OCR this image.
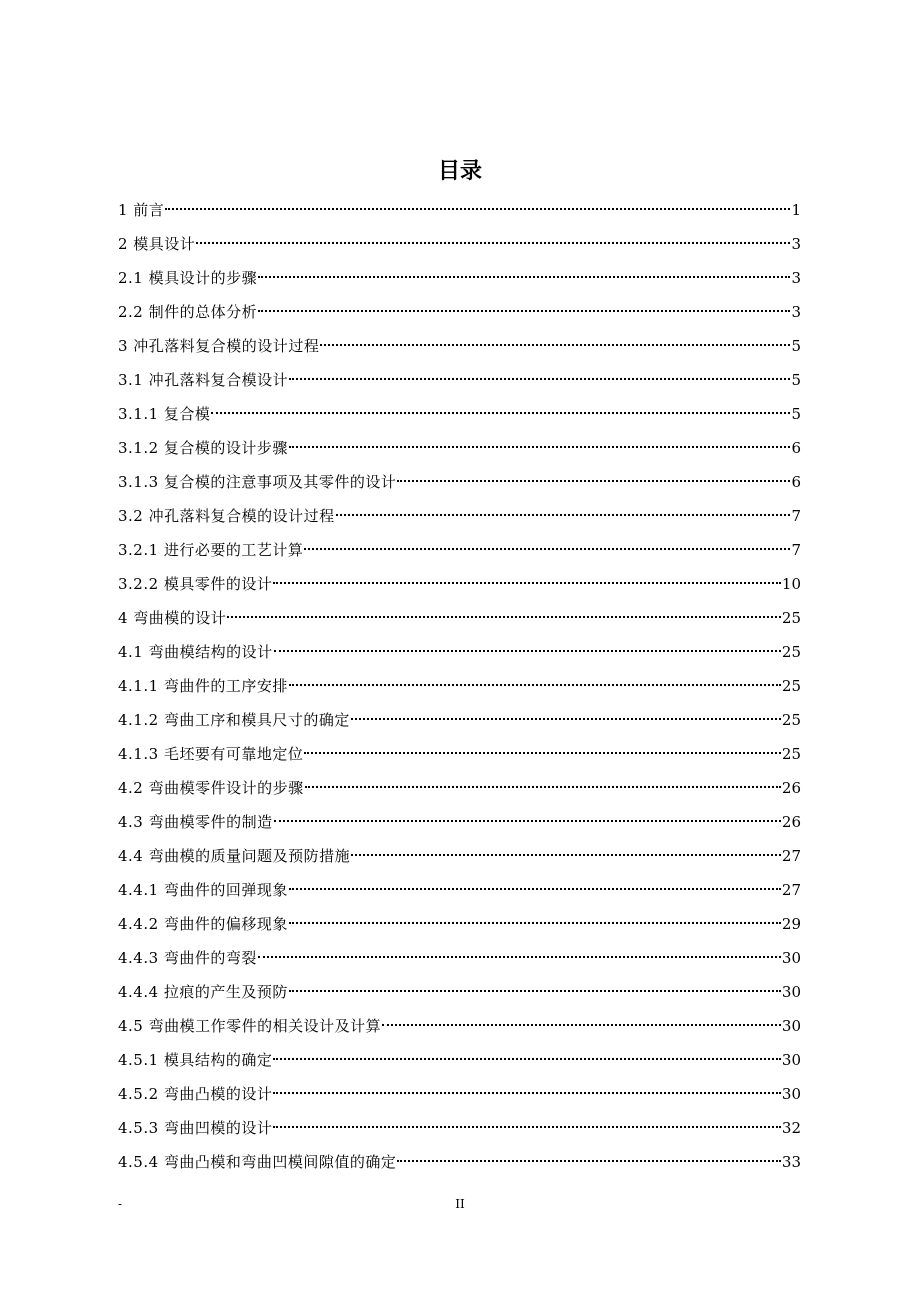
目录
1 前言	1
2 模具设计	3
2.1 模具设计的步骤	3
2.2 制件的总体分析	3
3 冲孔落料复合模的设计过程	5
3.1 冲孔落料复合模设计	5
3.1.1 复合模	5
3.1.2 复合模的设计步骤	6
3.1.3 复合模的注意事项及其零件的设计	6
3.2 冲孔落料复合模的设计过程	7
3.2.1 进行必要的工艺计算	7
3.2.2 模具零件的设计	10
4 弯曲模的设计	25
4.1 弯曲模结构的设计	25
4.1.1 弯曲件的工序安排	25
4.1.2 弯曲工序和模具尺寸的确定	25
4.1.3 毛坯要有可靠地定位	25
4.2 弯曲模零件设计的步骤	26
4.3 弯曲模零件的制造	26
4.4 弯曲模的质量问题及预防措施	27
4.4.1 弯曲件的回弹现象	27
4.4.2 弯曲件的偏移现象	29
4.4.3 弯曲件的弯裂	30
4.4.4 拉痕的产生及预防	30
4.5 弯曲模工作零件的相关设计及计算	30
4.5.1 模具结构的确定	30
4.5.2 弯曲凸模的设计	30
4.5.3 弯曲凹模的设计	32
4.5.4 弯曲凸模和弯曲凹模间隙值的确定	33
-	II
